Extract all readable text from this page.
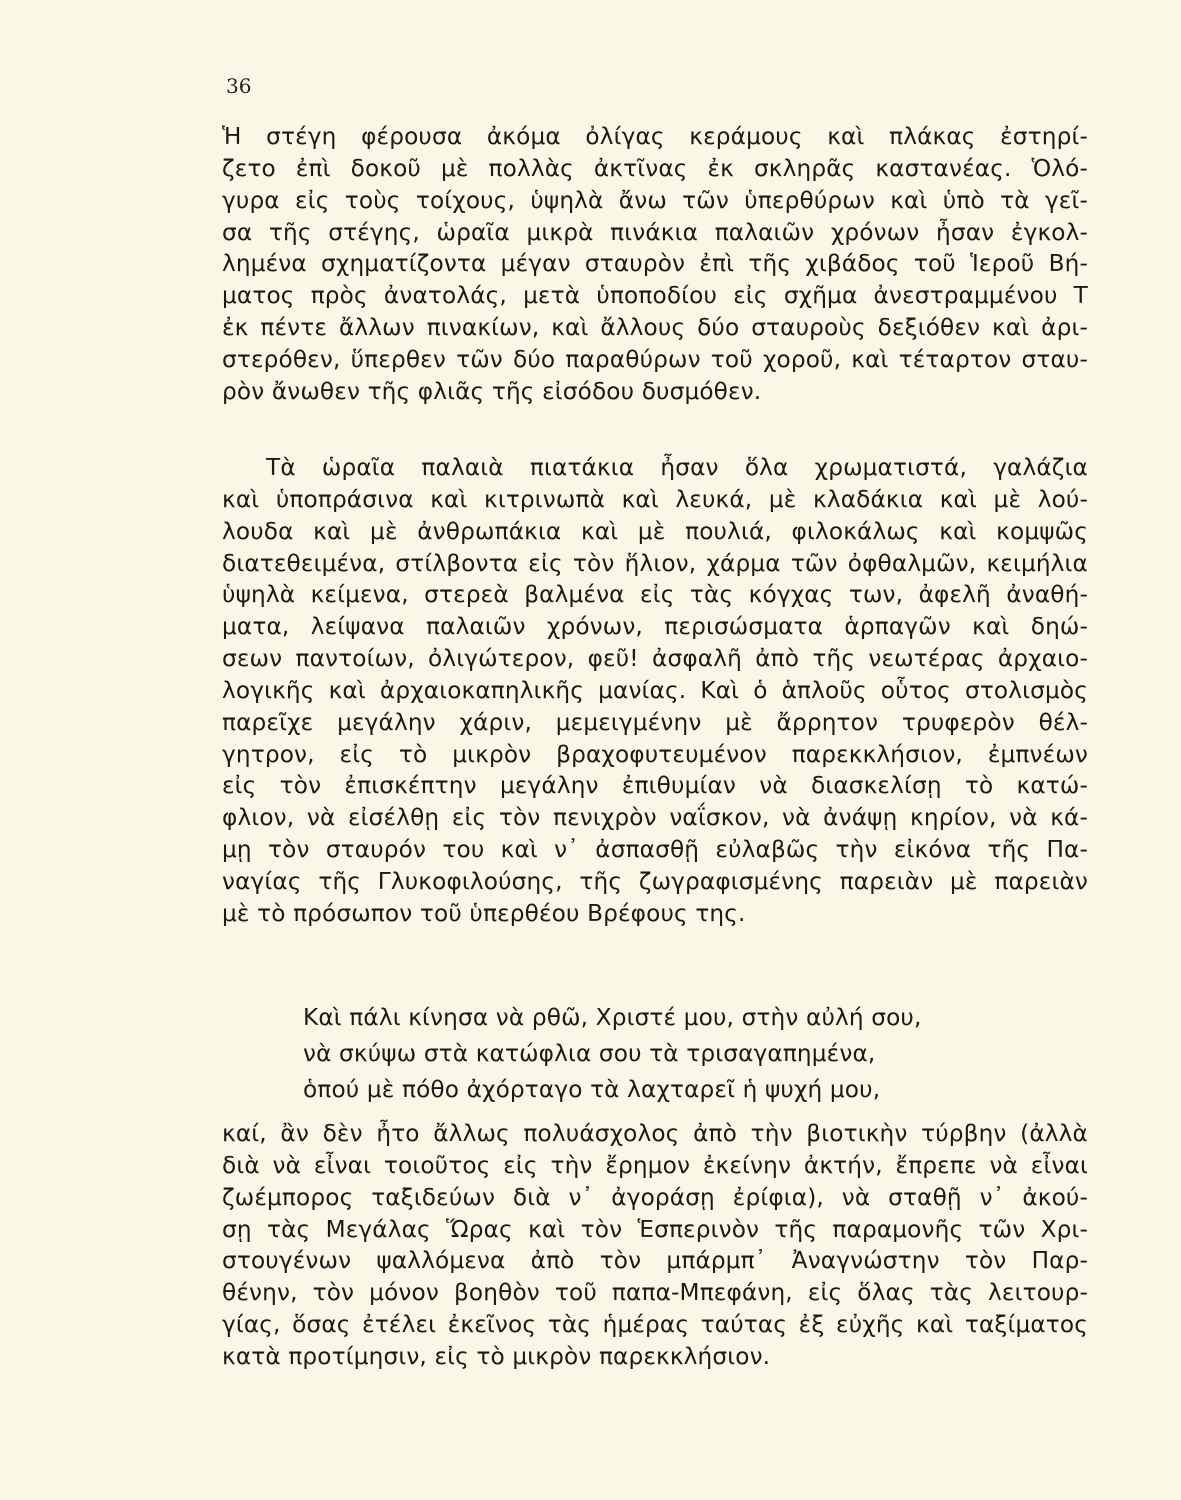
36
Ἡ στέγη φέρουσα ἀκόμα ὀλίγας κεράμους καὶ πλάκας ἐστηρί-
ζετο ἐπὶ δοκοῦ μὲ πολλὰς ἀκτῖνας ἐκ σκληρᾶς καστανέας. Ὁλό-
γυρα εἰς τοὺς τοίχους, ὑψηλὰ ἄνω τῶν ὑπερθύρων καὶ ὑπὸ τὰ γεῖ-
σα τῆς στέγης, ὡραῖα μικρὰ πινάκια παλαιῶν χρόνων ἦσαν ἐγκολ-
λημένα σχηματίζοντα μέγαν σταυρὸν ἐπὶ τῆς χιβάδος τοῦ Ἱεροῦ Βή-
ματος πρὸς ἀνατολάς, μετὰ ὑποποδίου εἰς σχῆμα ἀνεστραμμένου Τ
ἐκ πέντε ἄλλων πινακίων, καὶ ἄλλους δύο σταυροὺς δεξιόθεν καὶ ἀρι-
στερόθεν, ὕπερθεν τῶν δύο παραθύρων τοῦ χοροῦ, καὶ τέταρτον σταυ-
ρὸν ἄνωθεν τῆς φλιᾶς τῆς εἰσόδου δυσμόθεν.
Τὰ ὡραῖα παλαιὰ πιατάκια ἦσαν ὅλα χρωματιστά, γαλάζια
καὶ ὑποπράσινα καὶ κιτρινωπὰ καὶ λευκά, μὲ κλαδάκια καὶ μὲ λού-
λουδα καὶ μὲ ἀνθρωπάκια καὶ μὲ πουλιά, φιλοκάλως καὶ κομψῶς
διατεθειμένα, στίλβοντα εἰς τὸν ἥλιον, χάρμα τῶν ὀφθαλμῶν, κειμήλια
ὑψηλὰ κείμενα, στερεὰ βαλμένα εἰς τὰς κόγχας των, ἀφελῆ ἀναθή-
ματα, λείψανα παλαιῶν χρόνων, περισώσματα ἁρπαγῶν καὶ δηώ-
σεων παντοίων, ὀλιγώτερον, φεῦ! ἀσφαλῆ ἀπὸ τῆς νεωτέρας ἀρχαιο-
λογικῆς καὶ ἀρχαιοκαπηλικῆς μανίας. Καὶ ὁ ἁπλοῦς οὗτος στολισμὸς
παρεῖχε μεγάλην χάριν, μεμειγμένην μὲ ἄρρητον τρυφερὸν θέλ-
γητρον, εἰς τὸ μικρὸν βραχοφυτευμένον παρεκκλήσιον, ἐμπνέων
εἰς τὸν ἐπισκέπτην μεγάλην ἐπιθυμίαν νὰ διασκελίσῃ τὸ κατώ-
φλιον, νὰ εἰσέλθῃ εἰς τὸν πενιχρὸν ναΐσκον, νὰ ἀνάψῃ κηρίον, νὰ κά-
μῃ τὸν σταυρόν του καὶ ν᾿ ἀσπασθῇ εὐλαβῶς τὴν εἰκόνα τῆς Πα-
ναγίας τῆς Γλυκοφιλούσης, τῆς ζωγραφισμένης παρειὰν μὲ παρειὰν
μὲ τὸ πρόσωπον τοῦ ὑπερθέου Βρέφους της.
Καὶ πάλι κίνησα νὰ ρθῶ, Χριστέ μου, στὴν αὐλή σου,
νὰ σκύψω στὰ κατώφλια σου τὰ τρισαγαπημένα,
ὁπού μὲ πόθο ἀχόρταγο τὰ λαχταρεῖ ἡ ψυχή μου,
καί, ἂν δὲν ἦτο ἄλλως πολυάσχολος ἀπὸ τὴν βιοτικὴν τύρβην (ἀλλὰ
διὰ νὰ εἶναι τοιοῦτος εἰς τὴν ἔρημον ἐκείνην ἀκτήν, ἔπρεπε νὰ εἶναι
ζωέμπορος ταξιδεύων διὰ ν᾿ ἀγοράσῃ ἐρίφια), νὰ σταθῇ ν᾿ ἀκού-
σῃ τὰς Μεγάλας Ὥρας καὶ τὸν Ἑσπερινὸν τῆς παραμονῆς τῶν Χρι-
στουγένων ψαλλόμενα ἀπὸ τὸν μπάρμπ᾿ Ἀναγνώστην τὸν Παρ-
θένην, τὸν μόνον βοηθὸν τοῦ παπα-Μπεφάνη, εἰς ὅλας τὰς λειτουρ-
γίας, ὅσας ἐτέλει ἐκεῖνος τὰς ἡμέρας ταύτας ἐξ εὐχῆς καὶ ταξίματος
κατὰ προτίμησιν, εἰς τὸ μικρὸν παρεκκλήσιον.
